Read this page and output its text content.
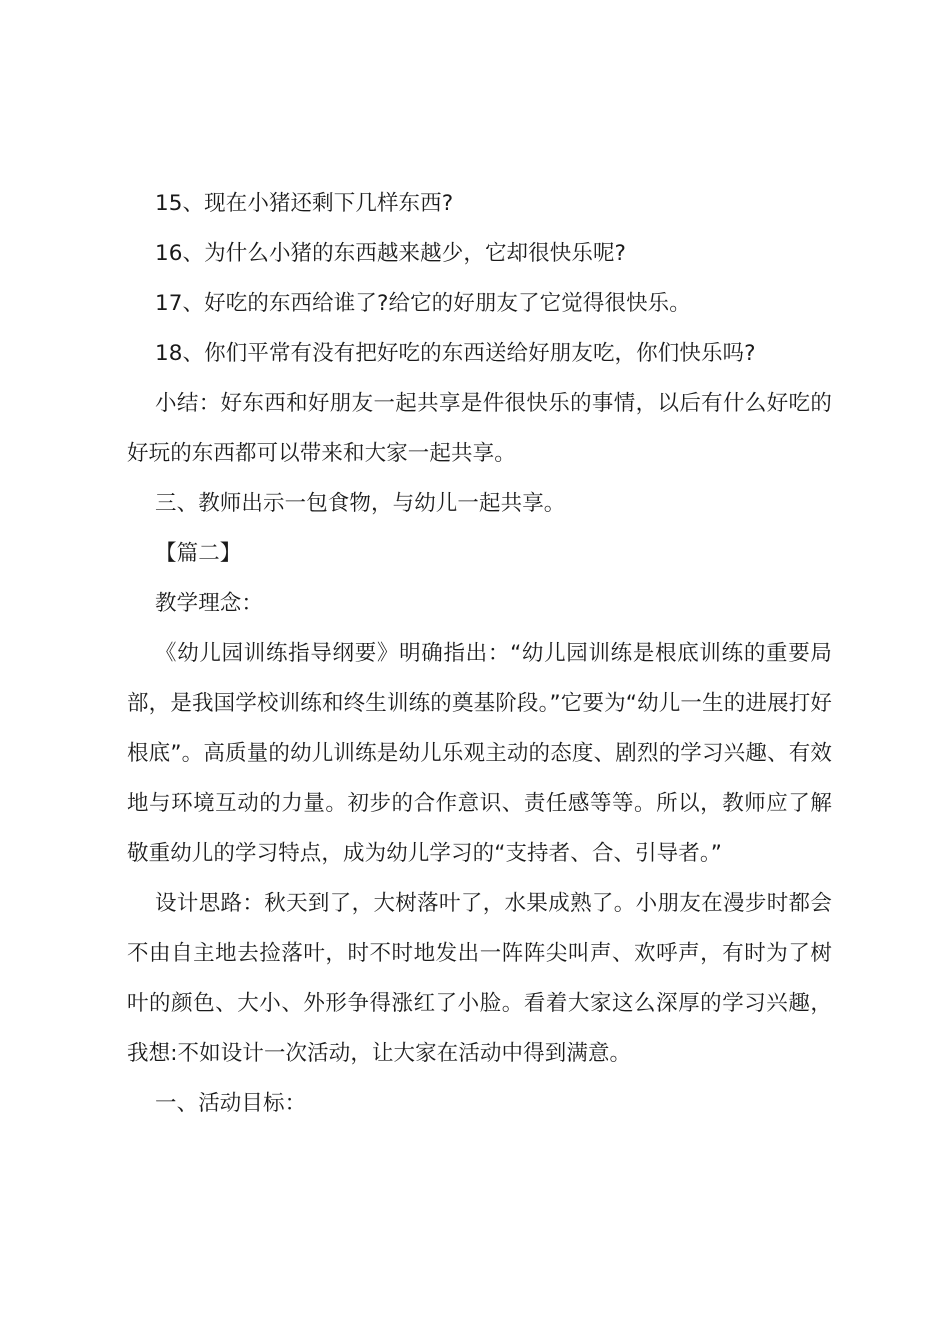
15、现在小猪还剩下几样东西?

16、为什么小猪的东西越来越少，它却很快乐呢?

17、好吃的东西给谁了?给它的好朋友了它觉得很快乐。

18、你们平常有没有把好吃的东西送给好朋友吃，你们快乐吗?

小结：好东西和好朋友一起共享是件很快乐的事情，以后有什么好吃的好玩的东西都可以带来和大家一起共享。

三、教师出示一包食物，与幼儿一起共享。

【篇二】

教学理念：

《幼儿园训练指导纲要》明确指出：“幼儿园训练是根底训练的重要局部，是我国学校训练和终生训练的奠基阶段。”它要为“幼儿一生的进展打好根底”。高质量的幼儿训练是幼儿乐观主动的态度、剧烈的学习兴趣、有效地与环境互动的力量。初步的合作意识、责任感等等。所以，教师应了解敬重幼儿的学习特点，成为幼儿学习的“支持者、合、引导者。”

设计思路：秋天到了，大树落叶了，水果成熟了。小朋友在漫步时都会不由自主地去捡落叶，时不时地发出一阵阵尖叫声、欢呼声，有时为了树叶的颜色、大小、外形争得涨红了小脸。看着大家这么深厚的学习兴趣，我想:不如设计一次活动，让大家在活动中得到满意。

一、活动目标：
